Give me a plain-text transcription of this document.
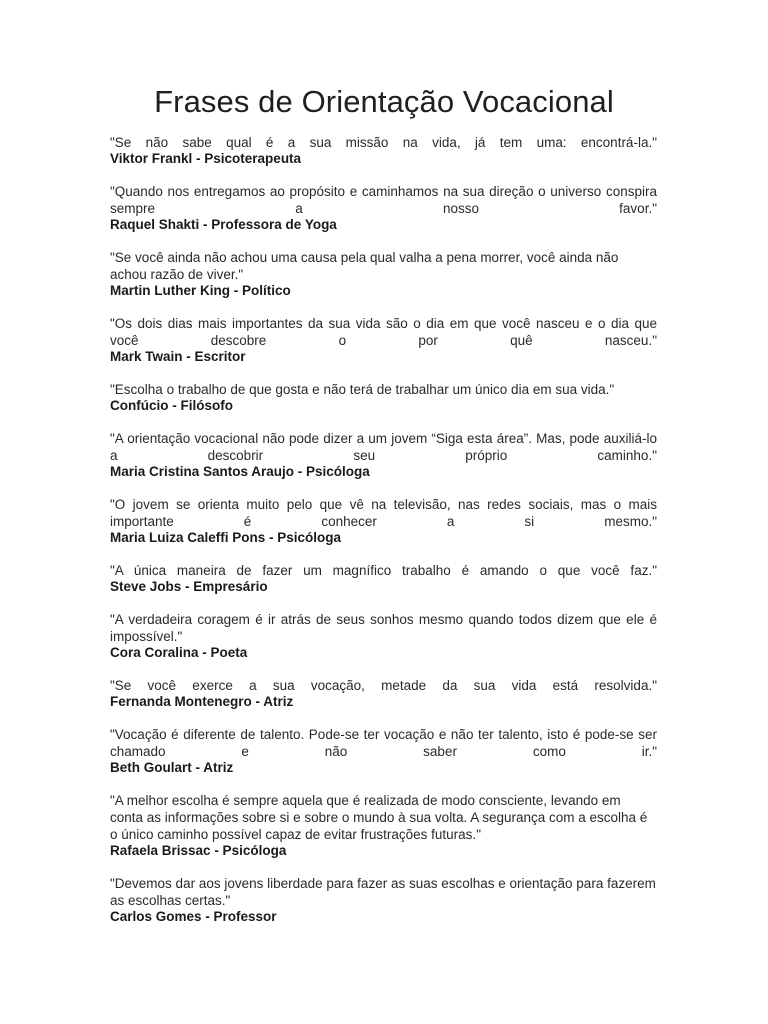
Frases de Orientação Vocacional

"Se não sabe qual é a sua missão na vida, já tem uma: encontrá-la."

Viktor Frankl - Psicoterapeuta

"Quando nos entregamos ao propósito e caminhamos na sua direção o universo conspira sempre a nosso favor."

Raquel Shakti - Professora de Yoga

"Se você ainda não achou uma causa pela qual valha a pena morrer, você ainda não achou razão de viver."

Martin Luther King - Político

"Os dois dias mais importantes da sua vida são o dia em que você nasceu e o dia que você descobre o por quê nasceu."

Mark Twain - Escritor

"Escolha o trabalho de que gosta e não terá de trabalhar um único dia em sua vida."

Confúcio - Filósofo

"A orientação vocacional não pode dizer a um jovem “Siga esta área”. Mas, pode auxiliá-lo a descobrir seu próprio caminho."

Maria Cristina Santos Araujo - Psicóloga

"O jovem se orienta muito pelo que vê na televisão, nas redes sociais, mas o mais importante é conhecer a si mesmo."

Maria Luiza Caleffi Pons - Psicóloga

"A única maneira de fazer um magnífico trabalho é amando o que você faz."

Steve Jobs - Empresário

"A verdadeira coragem é ir atrás de seus sonhos mesmo quando todos dizem que ele é impossível."

Cora Coralina - Poeta

"Se você exerce a sua vocação, metade da sua vida está resolvida."

Fernanda Montenegro - Atriz

"Vocação é diferente de talento. Pode-se ter vocação e não ter talento, isto é pode-se ser chamado e não saber como ir."

Beth Goulart - Atriz

"A melhor escolha é sempre aquela que é realizada de modo consciente, levando em conta as informações sobre si e sobre o mundo à sua volta. A segurança com a escolha é o único caminho possível capaz de evitar frustrações futuras."

Rafaela Brissac - Psicóloga

"Devemos dar aos jovens liberdade para fazer as suas escolhas e orientação para fazerem as escolhas certas."

Carlos Gomes - Professor
